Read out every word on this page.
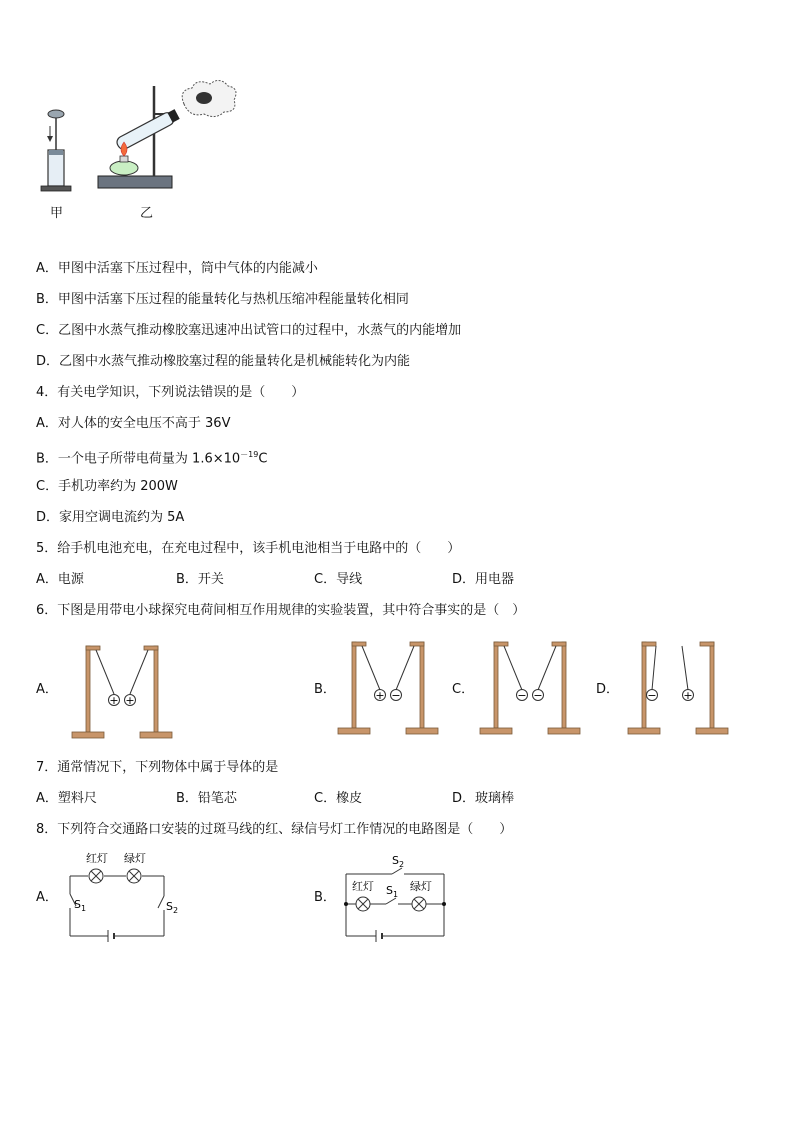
甲	乙
A．甲图中活塞下压过程中，筒中气体的内能减小
B．甲图中活塞下压过程的能量转化与热机压缩冲程能量转化相同
C．乙图中水蒸气推动橡胶塞迅速冲出试管口的过程中，水蒸气的内能增加
D．乙图中水蒸气推动橡胶塞过程的能量转化是机械能转化为内能
4．有关电学知识，下列说法错误的是（　　）
A．对人体的安全电压不高于 36V
B．一个电子所带电荷量为 $1.6\times 10^{-19}C$
C．手机功率约为 200W
D．家用空调电流约为 5A
5．给手机电池充电，在充电过程中，该手机电池相当于电路中的（　　）
A．电源	B．开关	C．导线	D．用电器
6．下图是用带电小球探究电荷间相互作用规律的实验装置，其中符合事实的是（　）
A．
+ +
B．	+ −	C．	− −	D．	− +
7．通常情况下，下列物体中属于导体的是
A．塑料尺	B．铅笔芯	C．橡皮	D．玻璃棒
8．下列符合交通路口安装的过斑马线的红、绿信号灯工作情况的电路图是（　　）
A．
红灯 绿灯
$S_1$	$S_2$
B．
$S_2$
红灯 $S_1$
绿灯
